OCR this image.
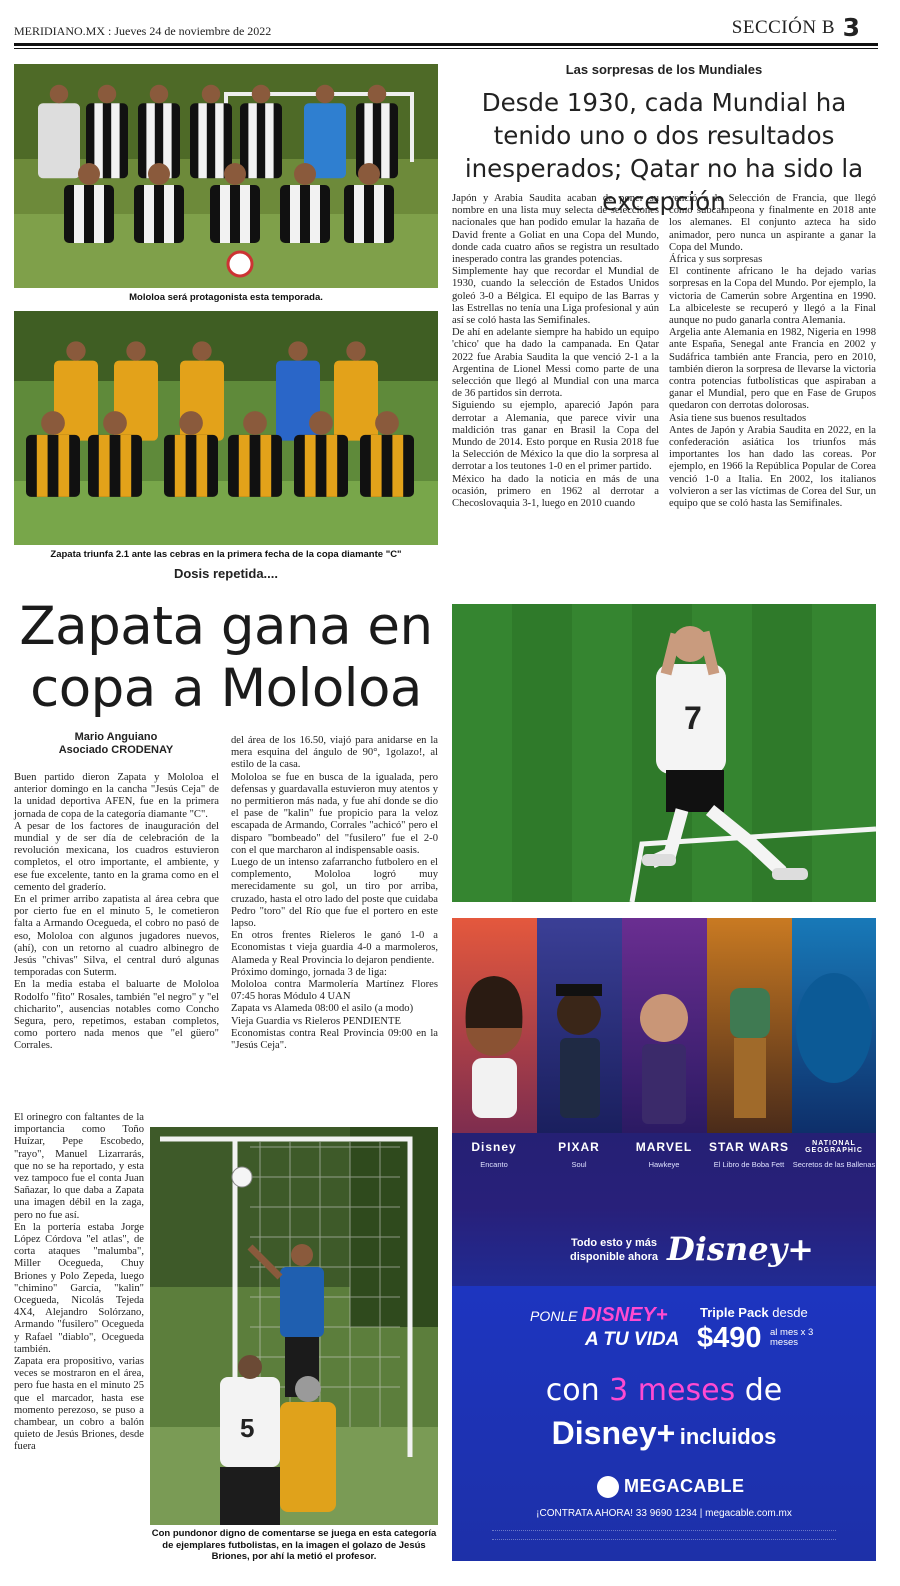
MERIDIANO.MX : Jueves 24 de noviembre de 2022	SECCIÓN B 3
Mololoa será protagonista esta temporada.
Zapata triunfa 2.1 ante las cebras en la primera fecha de la copa diamante "C"
Dosis repetida....
Zapata gana en copa a Mololoa
Mario Anguiano
Asociado CRODENAY

Buen partido dieron Zapata y Mololoa el anterior domingo en la cancha "Jesús Ceja" de la unidad deportiva AFEN, fue en la primera jornada de copa de la categoría diamante "C".

A pesar de los factores de inauguración del mundial y de ser día de celebración de la revolución mexicana, los cuadros estuvieron completos, el otro importante, el ambiente, y ese fue excelente, tanto en la grama como en el cemento del graderío.

En el primer arribo zapatista al área cebra que por cierto fue en el minuto 5, le cometieron falta a Armando Ocegueda, el cobro no pasó de eso, Mololoa con algunos jugadores nuevos, (ahí), con un retorno al cuadro albinegro de Jesús "chivas" Silva, el central duró algunas temporadas con Suterm.

En la media estaba el baluarte de Mololoa Rodolfo "fito" Rosales, también "el negro" y "el chicharito", ausencias notables como Concho Segura, pero, repetimos, estaban completos, como portero nada menos que "el güero" Corrales.

El orinegro con faltantes de la importancia como Toño Huízar, Pepe Escobedo, "rayo", Manuel Lizarrarás, que no se ha reportado, y esta vez tampoco fue el conta Juan Sañazar, lo que daba a Zapata una imagen débil en la zaga, pero no fue así.

En la portería estaba Jorge López Córdova "el atlas", de corta ataques "malumba", Miller Ocegueda, Chuy Briones y Polo Zepeda, luego "chimino" García, "kalin" Ocegueda, Nicolás Tejeda 4X4, Alejandro Solórzano, Armando "fusilero" Ocegueda y Rafael "diablo", Ocegueda también.

Zapata era propositivo, varias veces se mostraron en el área, pero fue hasta en el minuto 25 que el marcador, hasta ese momento perezoso, se puso a chambear, un cobro a balón quieto de Jesús Briones, desde fuera

del área de los 16.50, viajó para anidarse en la mera esquina del ángulo de 90°, 1golazo!, al estilo de la casa.

Mololoa se fue en busca de la igualada, pero defensas y guardavalla estuvieron muy atentos y no permitieron más nada, y fue ahí donde se dio el pase de "kalin" fue propicio para la veloz escapada de Armando, Corrales "achicó" pero el disparo "bombeado" del "fusilero" fue el 2-0 con el que marcharon al indispensable oasis.

Luego de un intenso zafarrancho futbolero en el complemento, Mololoa logró muy merecidamente su gol, un tiro por arriba, cruzado, hasta el otro lado del poste que cuidaba Pedro "toro" del Río que fue el portero en este lapso.

En otros frentes Rieleros le ganó 1-0 a Economistas t vieja guardia 4-0 a marmoleros, Alameda y Real Provincia lo dejaron pendiente.

Próximo domingo, jornada 3 de liga:

Mololoa contra Marmolería Martínez Flores 07:45 horas Módulo 4 UAN

Zapata vs Alameda 08:00 el asilo (a modo)

Vieja Guardia vs Rieleros PENDIENTE

Economistas contra Real Provincia 09:00 en la "Jesús Ceja".

5
Con pundonor digno de comentarse se juega en esta categoría de ejemplares futbolistas, en la imagen el golazo de Jesús Briones, por ahí la metió el profesor.
Las sorpresas de los Mundiales
Desde 1930, cada Mundial ha tenido uno o dos resultados inesperados; Qatar no ha sido la excepción

Japón y Arabia Saudita acaban de poner su nombre en una lista muy selecta de selecciones nacionales que han podido emular la hazaña de David frente a Goliat en una Copa del Mundo, donde cada cuatro años se registra un resultado inesperado contra las grandes potencias.

Simplemente hay que recordar el Mundial de 1930, cuando la selección de Estados Unidos goleó 3-0 a Bélgica. El equipo de las Barras y las Estrellas no tenía una Liga profesional y aún así se coló hasta las Semifinales.

De ahí en adelante siempre ha habido un equipo 'chico' que ha dado la campanada. En Qatar 2022 fue Arabia Saudita la que venció 2-1 a la Argentina de Lionel Messi como parte de una selección que llegó al Mundial con una marca de 36 partidos sin derrota.

Siguiendo su ejemplo, apareció Japón para derrotar a Alemania, que parece vivir una maldición tras ganar en Brasil la Copa del Mundo de 2014. Esto porque en Rusia 2018 fue la Selección de México la que dio la sorpresa al derrotar a los teutones 1-0 en el primer partido.

México ha dado la noticia en más de una ocasión, primero en 1962 al derrotar a Checoslovaquia 3-1, luego en 2010 cuando

venció a la Selección de Francia, que llegó como subcampeona y finalmente en 2018 ante los alemanes. El conjunto azteca ha sido animador, pero nunca un aspirante a ganar la Copa del Mundo.

África y sus sorpresas

El continente africano le ha dejado varias sorpresas en la Copa del Mundo. Por ejemplo, la victoria de Camerún sobre Argentina en 1990. La albiceleste se recuperó y llegó a la Final aunque no pudo ganarla contra Alemania.

Argelia ante Alemania en 1982, Nigeria en 1998 ante España, Senegal ante Francia en 2002 y Sudáfrica también ante Francia, pero en 2010, también dieron la sorpresa de llevarse la victoria contra potencias futbolísticas que aspiraban a ganar el Mundial, pero que en Fase de Grupos quedaron con derrotas dolorosas.

Asia tiene sus buenos resultados

Antes de Japón y Arabia Saudita en 2022, en la confederación asiática los triunfos más importantes los han dado las coreas. Por ejemplo, en 1966 la República Popular de Corea venció 1-0 a Italia. En 2002, los italianos volvieron a ser las víctimas de Corea del Sur, un equipo que se coló hasta las Semifinales.

7
Disney
Encanto
PIXAR
Soul
MARVEL
Hawkeye
STAR WARS
El Libro de Boba Fett
NATIONAL GEOGRAPHIC
Secretos de las Ballenas
Todo esto y más disponible ahora Disney+
PONLE DISNEY+
A TU VIDA
Triple Pack desde
$490 al mes x 3 meses
con 3 meses de
Disney+ incluidos
MEGACABLE
¡CONTRATA AHORA! 33 9690 1234 | megacable.com.mx
